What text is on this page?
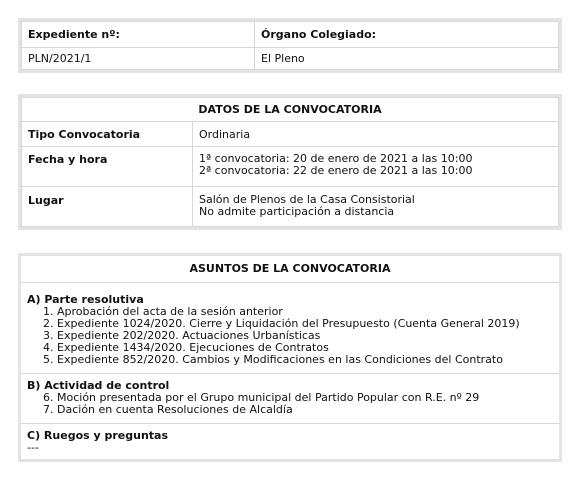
Expediente nº:	Órgano Colegiado:
PLN/2021/1	El Pleno
DATOS DE LA CONVOCATORIA	
Tipo Convocatoria	Ordinaria
Fecha y hora	1ª convocatoria: 20 de enero de 2021 a las 10:00
2ª convocatoria: 22 de enero de 2021 a las 10:00

Lugar	Salón de Plenos de la Casa Consistorial
No admite participación a distancia
ASUNTOS DE LA CONVOCATORIA
A) Parte resolutiva
1. Aprobación del acta de la sesión anterior
2. Expediente 1024/2020. Cierre y Liquidación del Presupuesto (Cuenta General 2019)
3. Expediente 202/2020. Actuaciones Urbanísticas
4. Expediente 1434/2020. Ejecuciones de Contratos
5. Expediente 852/2020. Cambios y Modificaciones en las Condiciones del Contrato
B) Actividad de control
6. Moción presentada por el Grupo municipal del Partido Popular con R.E. nº 29
7. Dación en cuenta Resoluciones de Alcaldía
C) Ruegos y preguntas
---
